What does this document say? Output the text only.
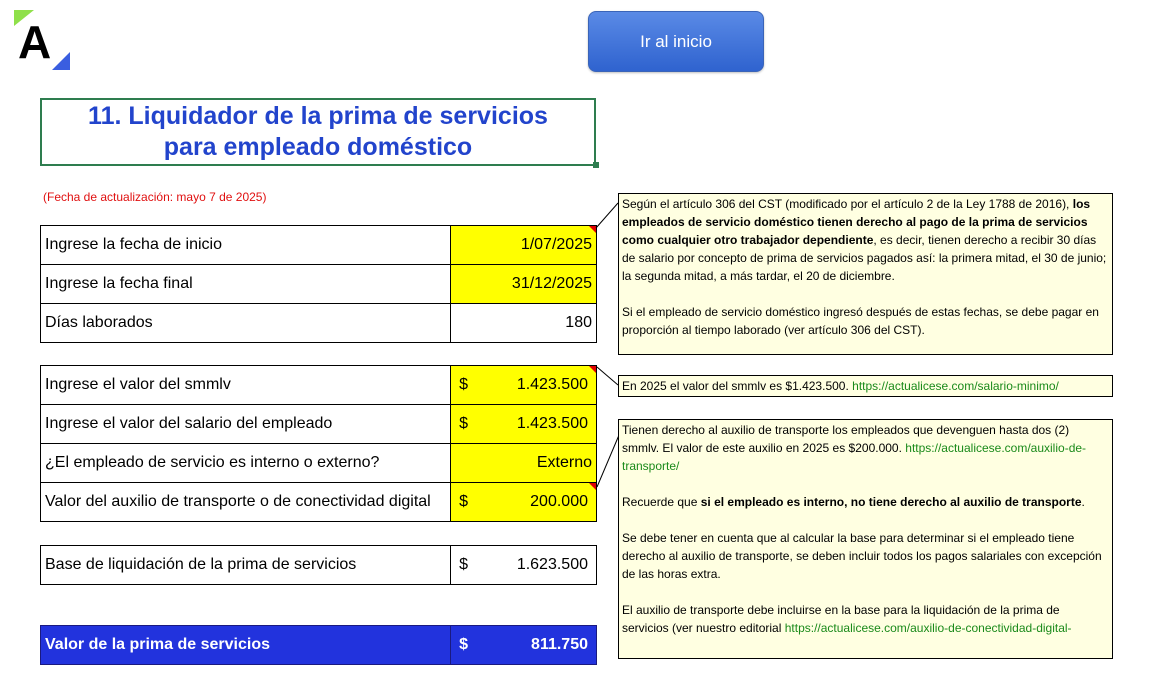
A	Ir al inicio
11. Liquidador de la prima de servicios
para empleado doméstico
(Fecha de actualización: mayo 7 de 2025)
Ingrese la fecha de inicio	1/07/2025

Ingrese la fecha final	31/12/2025

Días laborados	180
Ingrese el valor del smmlv	$ 1.423.500

Ingrese el valor del salario del empleado	$ 1.423.500

¿El empleado de servicio es interno o externo?	Externo

Valor del auxilio de transporte o de conectividad digital	$ 200.000
Base de liquidación de la prima de servicios	$	1.623.500
Valor de la prima de servicios	$	811.750

Según el artículo 306 del CST (modificado por el artículo 2 de la Ley 1788 de 2016), los empleados de servicio doméstico tienen derecho al pago de la prima de servicios como cualquier otro trabajador dependiente, es decir, tienen derecho a recibir 30 días de salario por concepto de prima de servicios pagados así: la primera mitad, el 30 de junio; la segunda mitad, a más tardar, el 20 de diciembre.

Si el empleado de servicio doméstico ingresó después de estas fechas, se debe pagar en proporción al tiempo laborado (ver artículo 306 del CST).

En 2025 el valor del smmlv es $1.423.500. https://actualicese.com/salario-minimo/

Tienen derecho al auxilio de transporte los empleados que devenguen hasta dos (2) smmlv. El valor de este auxilio en 2025 es $200.000. https://actualicese.com/auxilio-de-transporte/

Recuerde que si el empleado es interno, no tiene derecho al auxilio de transporte.

Se debe tener en cuenta que al calcular la base para determinar si el empleado tiene derecho al auxilio de transporte, se deben incluir todos los pagos salariales con excepción de las horas extra.

El auxilio de transporte debe incluirse en la base para la liquidación de la prima de servicios (ver nuestro editorial https://actualicese.com/auxilio-de-conectividad-digital-
